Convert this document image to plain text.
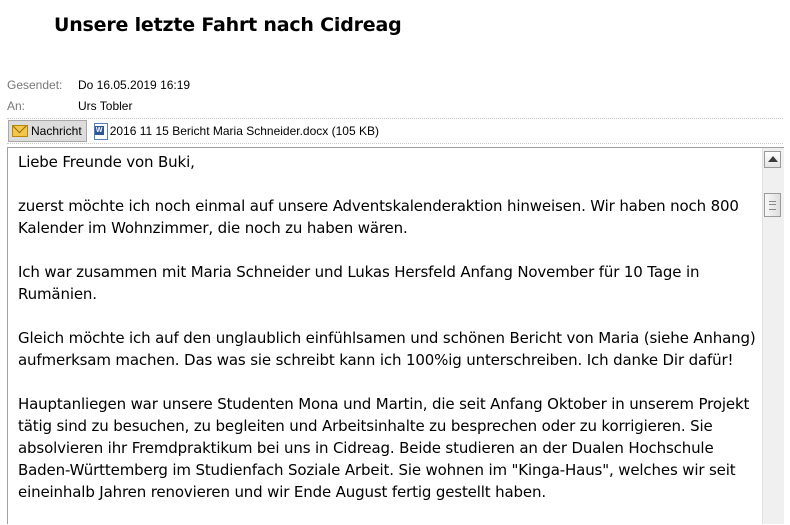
Unsere letzte Fahrt nach Cidreag
Gesendet: Do 16.05.2019 16:19
An:	Urs Tobler
Nachricht
W 2016 11 15 Bericht Maria Schneider.docx (105 KB)

Liebe Freunde von Buki,

zuerst möchte ich noch einmal auf unsere Adventskalenderaktion hinweisen. Wir haben noch 800 Kalender im Wohnzimmer, die noch zu haben wären.

Ich war zusammen mit Maria Schneider und Lukas Hersfeld Anfang November für 10 Tage in Rumänien.

Gleich möchte ich auf den unglaublich einfühlsamen und schönen Bericht von Maria (siehe Anhang) aufmerksam machen. Das was sie schreibt kann ich 100%ig unterschreiben. Ich danke Dir dafür!

Hauptanliegen war unsere Studenten Mona und Martin, die seit Anfang Oktober in unserem Projekt tätig sind zu besuchen, zu begleiten und Arbeitsinhalte zu besprechen oder zu korrigieren. Sie absolvieren ihr Fremdpraktikum bei uns in Cidreag. Beide studieren an der Dualen Hochschule Baden-Württemberg im Studienfach Soziale Arbeit. Sie wohnen im "Kinga-Haus", welches wir seit eineinhalb Jahren renovieren und wir Ende August fertig gestellt haben.
